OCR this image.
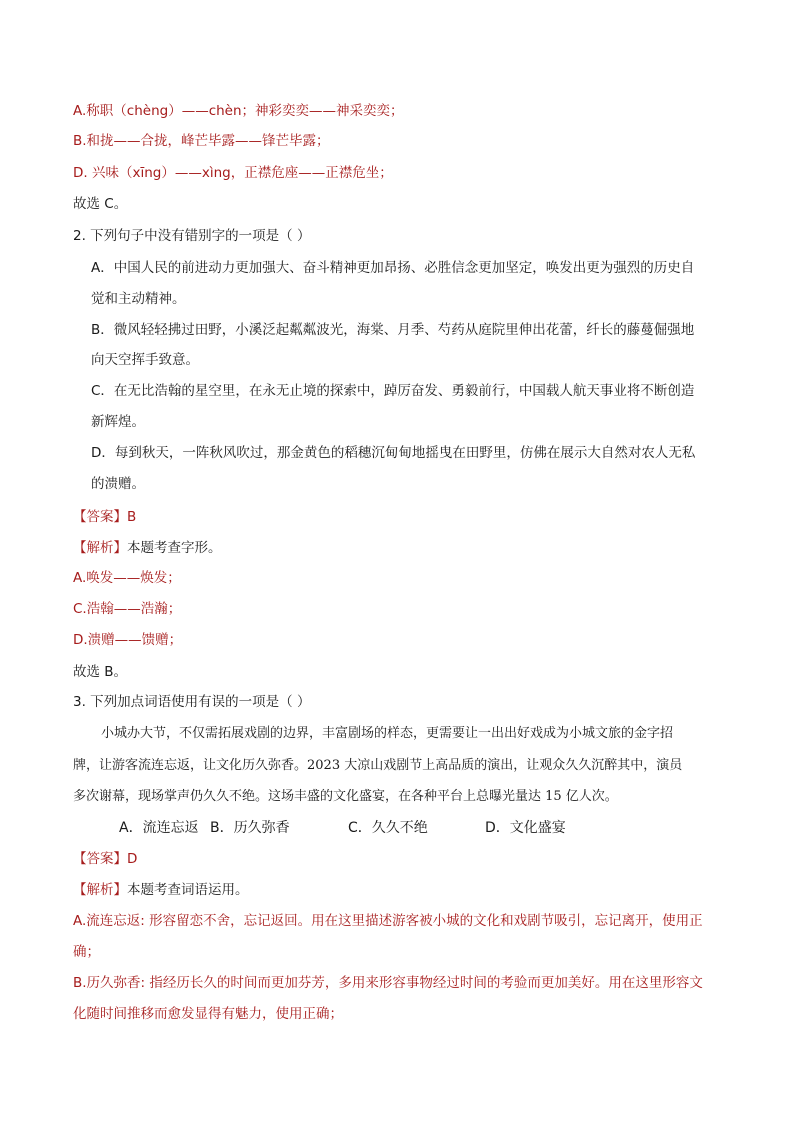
A.称职（chèng）——chèn；神彩奕奕——神采奕奕；
B.和拢——合拢，峰芒毕露——锋芒毕露；
D. 兴味（xīng）——xìng，正襟危座——正襟危坐；
故选 C。
2. 下列句子中没有错别字的一项是（ ）
A．中国人民的前进动力更加强大、奋斗精神更加昂扬、必胜信念更加坚定，唤发出更为强烈的历史自
觉和主动精神。
B．微风轻轻拂过田野，小溪泛起粼粼波光，海棠、月季、芍药从庭院里伸出花蕾，纤长的藤蔓倔强地
向天空挥手致意。
C．在无比浩翰的星空里，在永无止境的探索中，踔厉奋发、勇毅前行，中国载人航天事业将不断创造
新辉煌。
D．每到秋天，一阵秋风吹过，那金黄色的稻穗沉甸甸地摇曳在田野里，仿佛在展示大自然对农人无私
的溃赠。
【答案】B
【解析】本题考查字形。
A.唤发——焕发；
C.浩翰——浩瀚；
D.溃赠——馈赠；
故选 B。
3. 下列加点词语使用有误的一项是（ ）
小城办大节，不仅需拓展戏剧的边界，丰富剧场的样态，更需要让一出出好戏成为小城文旅的金字招
牌，让游客流连忘返，让文化历久弥香。2023 大凉山戏剧节上高品质的演出，让观众久久沉醉其中，演员
多次谢幕，现场掌声仍久久不绝。这场丰盛的文化盛宴，在各种平台上总曝光量达 15 亿人次。
A．流连忘返 B．历久弥香	C．久久不绝	D．文化盛宴
【答案】D
【解析】本题考查词语运用。
A.流连忘返: 形容留恋不舍，忘记返回。用在这里描述游客被小城的文化和戏剧节吸引，忘记离开，使用正
确；
B.历久弥香: 指经历长久的时间而更加芬芳，多用来形容事物经过时间的考验而更加美好。用在这里形容文
化随时间推移而愈发显得有魅力，使用正确；
